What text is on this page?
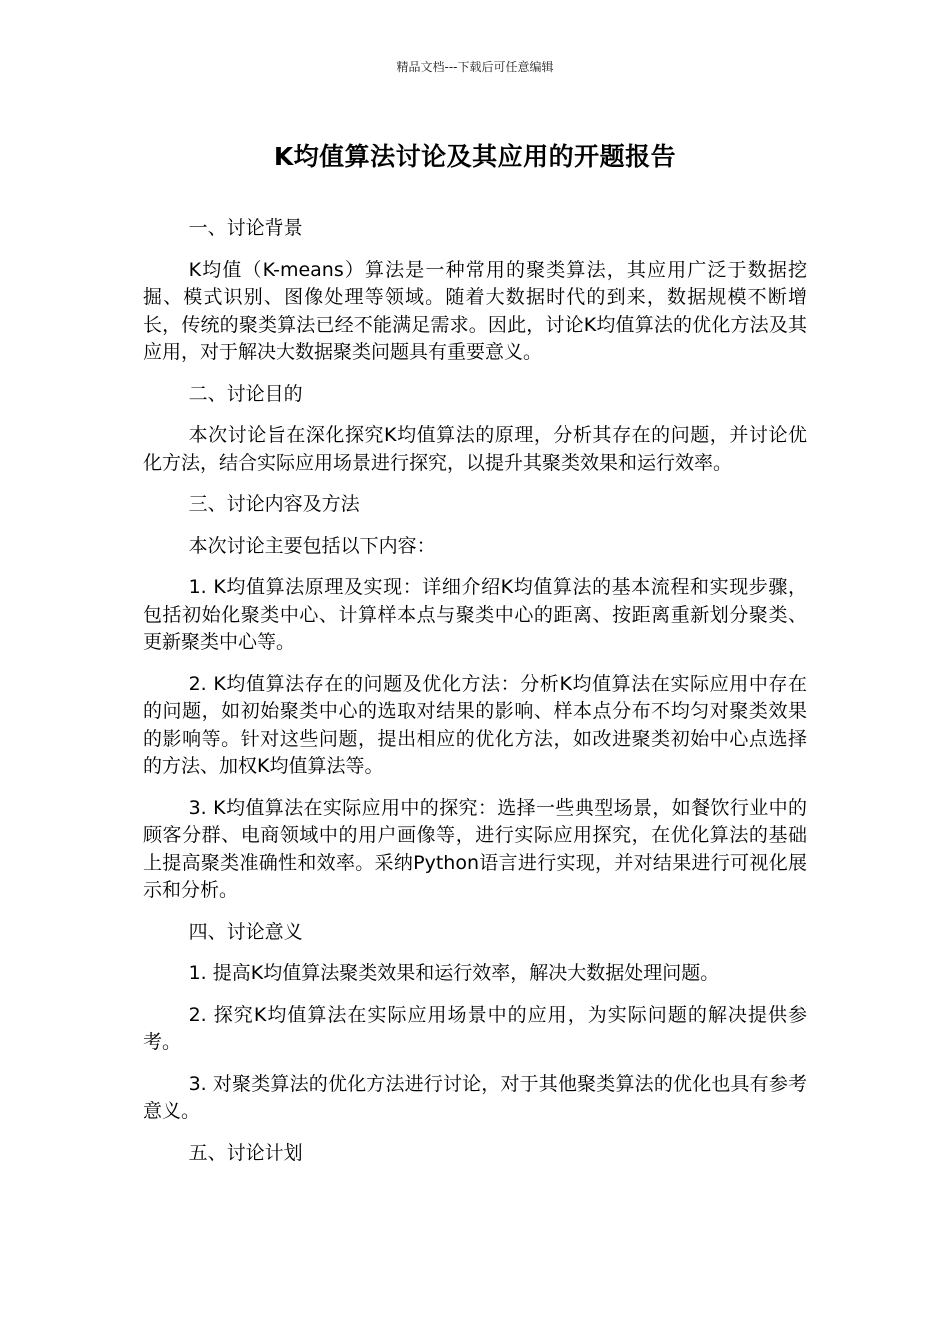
精品文档---下载后可任意编辑
K均值算法讨论及其应用的开题报告

一、讨论背景

K均值（K-means）算法是一种常用的聚类算法，其应用广泛于数据挖掘、模式识别、图像处理等领域。随着大数据时代的到来，数据规模不断增长，传统的聚类算法已经不能满足需求。因此，讨论K均值算法的优化方法及其应用，对于解决大数据聚类问题具有重要意义。

二、讨论目的

本次讨论旨在深化探究K均值算法的原理，分析其存在的问题，并讨论优化方法，结合实际应用场景进行探究，以提升其聚类效果和运行效率。

三、讨论内容及方法

本次讨论主要包括以下内容：

1. K均值算法原理及实现：详细介绍K均值算法的基本流程和实现步骤，包括初始化聚类中心、计算样本点与聚类中心的距离、按距离重新划分聚类、更新聚类中心等。

2. K均值算法存在的问题及优化方法：分析K均值算法在实际应用中存在的问题，如初始聚类中心的选取对结果的影响、样本点分布不均匀对聚类效果的影响等。针对这些问题，提出相应的优化方法，如改进聚类初始中心点选择的方法、加权K均值算法等。

3. K均值算法在实际应用中的探究：选择一些典型场景，如餐饮行业中的顾客分群、电商领域中的用户画像等，进行实际应用探究，在优化算法的基础上提高聚类准确性和效率。采纳Python语言进行实现，并对结果进行可视化展示和分析。

四、讨论意义

1. 提高K均值算法聚类效果和运行效率，解决大数据处理问题。

2. 探究K均值算法在实际应用场景中的应用，为实际问题的解决提供参考。

3. 对聚类算法的优化方法进行讨论，对于其他聚类算法的优化也具有参考意义。

五、讨论计划
